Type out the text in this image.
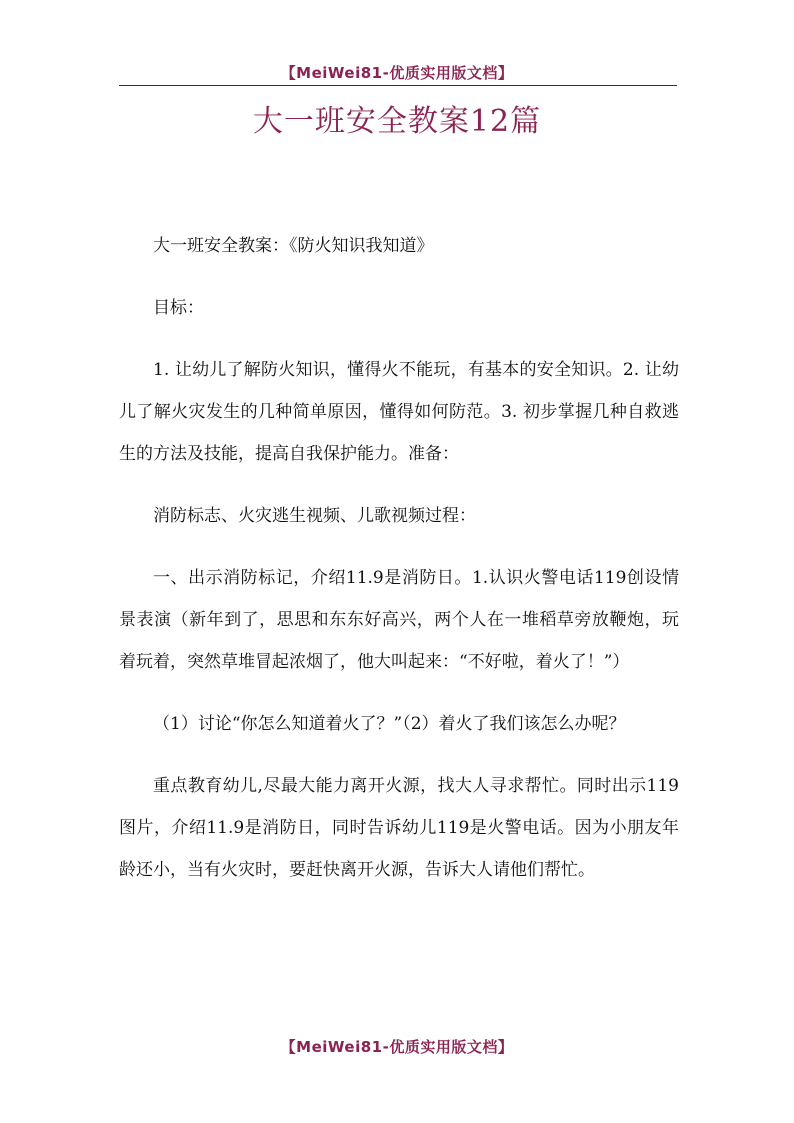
【MeiWei81-优质实用版文档】
大一班安全教案12篇

大一班安全教案：《防火知识我知道》

目标：

1. 让幼儿了解防火知识，懂得火不能玩，有基本的安全知识。2. 让幼儿了解火灾发生的几种简单原因，懂得如何防范。3. 初步掌握几种自救逃生的方法及技能，提高自我保护能力。准备：

消防标志、火灾逃生视频、儿歌视频过程：

一、出示消防标记，介绍11.9是消防日。1.认识火警电话119创设情景表演（新年到了，思思和东东好高兴，两个人在一堆稻草旁放鞭炮，玩着玩着，突然草堆冒起浓烟了，他大叫起来：“不好啦，着火了！”）

（1）讨论“你怎么知道着火了？”（2）着火了我们该怎么办呢？

重点教育幼儿,尽最大能力离开火源，找大人寻求帮忙。同时出示119图片，介绍11.9是消防日，同时告诉幼儿119是火警电话。因为小朋友年龄还小，当有火灾时，要赶快离开火源，告诉大人请他们帮忙。

【MeiWei81-优质实用版文档】
